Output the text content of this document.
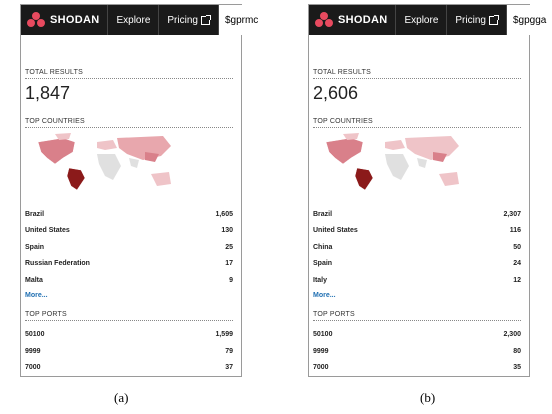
SHODAN Explore Pricing	$gprmc
TOTAL RESULTS
1,847
TOP COUNTRIES
Brazil	1,605
United States	130
Spain	25
Russian Federation	17
Malta	9
More...
TOP PORTS
50100	1,599
9999	79
7000	37
SHODAN Explore Pricing	$gpgga
TOTAL RESULTS
2,606
TOP COUNTRIES
Brazil	2,307
United States	116
China	50
Spain	24
Italy	12
More...
TOP PORTS
50100	2,300
9999	80
7000	35
(a)	(b)
